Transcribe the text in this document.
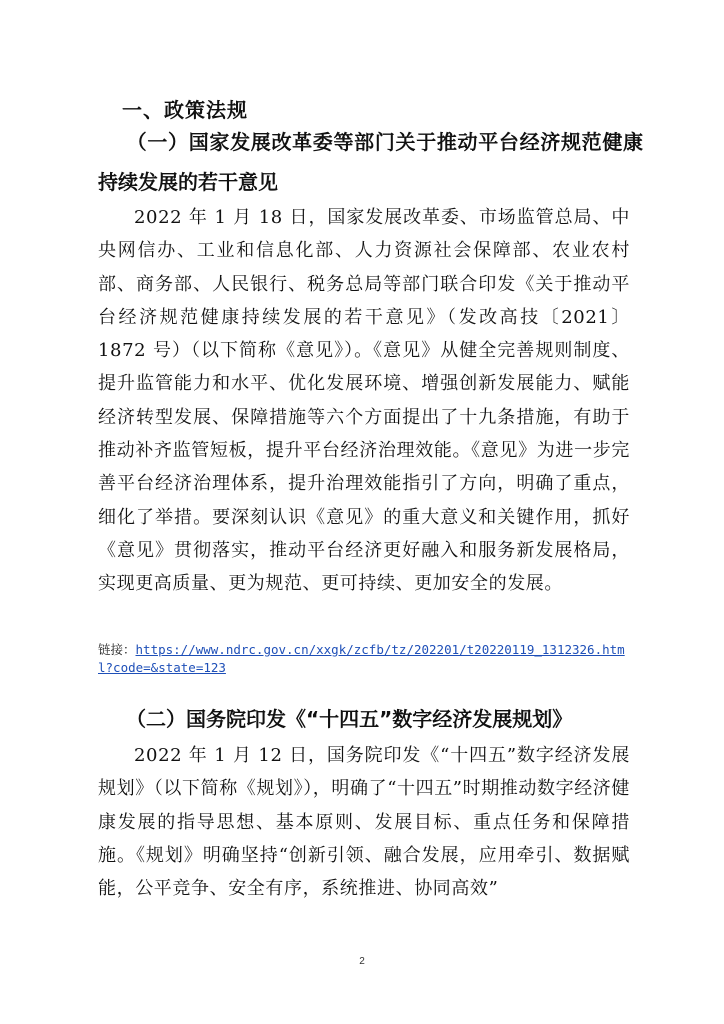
一、政策法规
（一）国家发展改革委等部门关于推动平台经济规范健康持续发展的若干意见
2022 年 1 月 18 日，国家发展改革委、市场监管总局、中央网信办、工业和信息化部、人力资源社会保障部、农业农村部、商务部、人民银行、税务总局等部门联合印发《关于推动平台经济规范健康持续发展的若干意见》（发改高技〔2021〕1872 号）（以下简称《意见》）。《意见》从健全完善规则制度、提升监管能力和水平、优化发展环境、增强创新发展能力、赋能经济转型发展、保障措施等六个方面提出了十九条措施，有助于推动补齐监管短板，提升平台经济治理效能。《意见》为进一步完善平台经济治理体系，提升治理效能指引了方向，明确了重点，细化了举措。要深刻认识《意见》的重大意义和关键作用，抓好《意见》贯彻落实，推动平台经济更好融入和服务新发展格局，实现更高质量、更为规范、更可持续、更加安全的发展。
链接：https://www.ndrc.gov.cn/xxgk/zcfb/tz/202201/t20220119_1312326.html?code=&state=123
（二）国务院印发《“十四五”数字经济发展规划》
2022 年 1 月 12 日，国务院印发《“十四五”数字经济发展规划》（以下简称《规划》），明确了“十四五”时期推动数字经济健康发展的指导思想、基本原则、发展目标、重点任务和保障措施。《规划》明确坚持“创新引领、融合发展，应用牵引、数据赋能，公平竞争、安全有序，系统推进、协同高效”
2
